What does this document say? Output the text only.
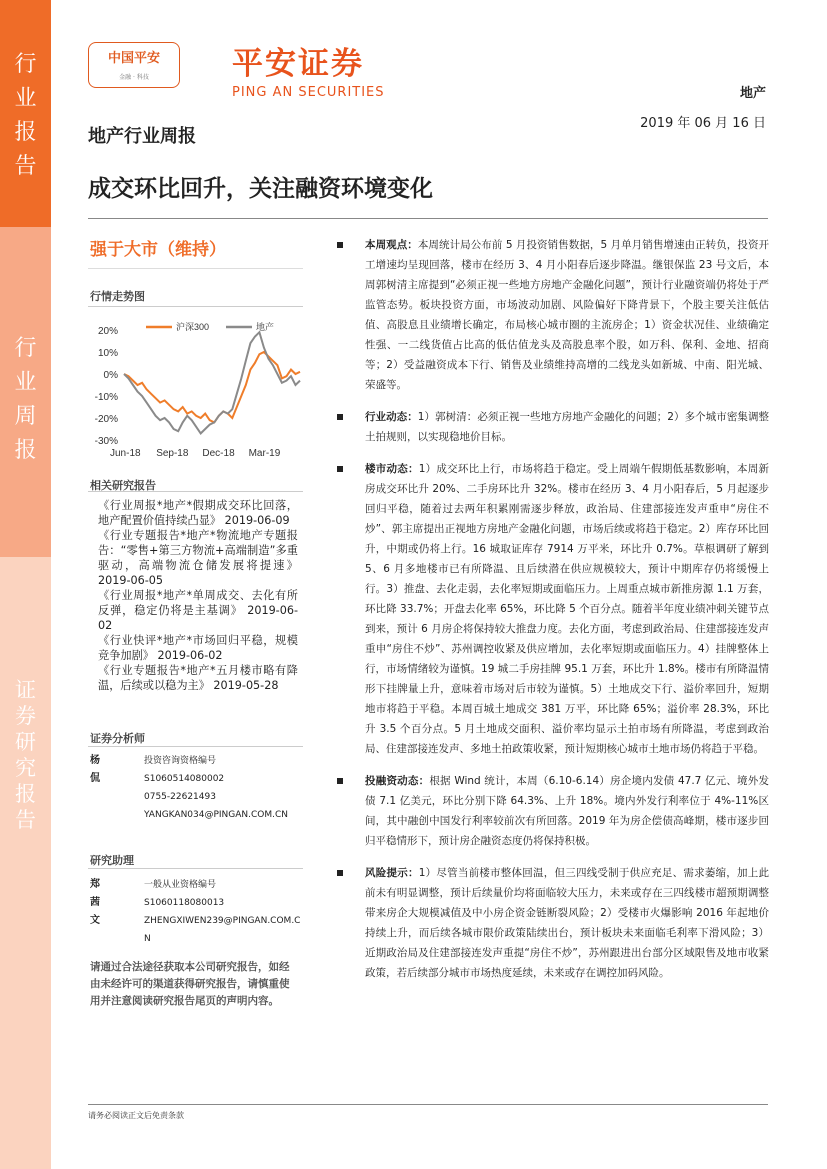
行
业
报
告
行
业
周
报
证
券
研
究
报
告
中国平安
金融 · 科技	平安证券
PING AN SECURITIES	地产
2019 年 06 月 16 日
地产行业周报
成交环比回升，关注融资环境变化
强于大市（维持）
行情走势图
沪深300	地产
20%
10%
0%
-10%
-20%
-30%
Jun-18 Sep-18 Dec-18 Mar-19
相关研究报告
《行业周报*地产*假期成交环比回落，地产配置价值持续凸显》 2019-06-09
《行业专题报告*地产*物流地产专题报告：“零售+第三方物流+高端制造”多重驱动，高端物流仓储发展将提速》 2019-06-05
《行业周报*地产*单周成交、去化有所反弹，稳定仍将是主基调》 2019-06-02
《行业快评*地产*市场回归平稳，规模竞争加剧》 2019-06-02
《行业专题报告*地产*五月楼市略有降温，后续或以稳为主》 2019-05-28
证券分析师
杨侃
投资咨询资格编号
S1060514080002
0755-22621493
YANGKAN034@PINGAN.COM.CN
研究助理
郑茜文
一般从业资格编号
S1060118080013
ZHENGXIWEN239@PINGAN.COM.CN
请通过合法途径获取本公司研究报告，如经由未经许可的渠道获得研究报告，请慎重使用并注意阅读研究报告尾页的声明内容。
本周观点：本周统计局公布前 5 月投资销售数据，5 月单月销售增速由正转负，投资开工增速均呈现回落，楼市在经历 3、4 月小阳春后逐步降温。继银保监 23 号文后，本周郭树清主席提到“必须正视一些地方房地产金融化问题”，预计行业融资端仍将处于严监管态势。板块投资方面，市场波动加剧、风险偏好下降背景下，个股主要关注低估值、高股息且业绩增长确定，布局核心城市圈的主流房企；1）资金状况佳、业绩确定性强、一二线货值占比高的低估值龙头及高股息率个股，如万科、保利、金地、招商等；2）受益融资成本下行、销售及业绩维持高增的二线龙头如新城、中南、阳光城、荣盛等。
行业动态：1）郭树清：必须正视一些地方房地产金融化的问题；2）多个城市密集调整土拍规则，以实现稳地价目标。
楼市动态：1）成交环比上行，市场将趋于稳定。受上周端午假期低基数影响，本周新房成交环比升 20%、二手房环比升 32%。楼市在经历 3、4 月小阳春后，5 月起逐步回归平稳，随着过去两年积累刚需逐步释放，政治局、住建部接连发声重申“房住不炒”、郭主席提出正视地方房地产金融化问题，市场后续或将趋于稳定。2）库存环比回升，中期或仍将上行。16 城取证库存 7914 万平米，环比升 0.7%。草根调研了解到 5、6 月多地楼市已有所降温、且后续潜在供应规模较大，预计中期库存仍将缓慢上行。3）推盘、去化走弱，去化率短期或面临压力。上周重点城市新推房源 1.1 万套，环比降 33.7%；开盘去化率 65%，环比降 5 个百分点。随着半年度业绩冲刺关键节点到来，预计 6 月房企将保持较大推盘力度。去化方面，考虑到政治局、住建部接连发声重申“房住不炒”、苏州调控收紧及供应增加，去化率短期或面临压力。4）挂牌整体上行，市场情绪较为谨慎。19 城二手房挂牌 95.1 万套，环比升 1.8%。楼市有所降温情形下挂牌量上升，意味着市场对后市较为谨慎。5）土地成交下行、溢价率回升，短期地市将趋于平稳。本周百城土地成交 381 万平，环比降 65%；溢价率 28.3%，环比升 3.5 个百分点。5 月土地成交面积、溢价率均显示土拍市场有所降温，考虑到政治局、住建部接连发声、多地土拍政策收紧，预计短期核心城市土地市场仍将趋于平稳。
投融资动态：根据 Wind 统计，本周（6.10-6.14）房企境内发债 47.7 亿元、境外发债 7.1 亿美元，环比分别下降 64.3%、上升 18%。境内外发行利率位于 4%-11%区间，其中融创中国发行利率较前次有所回落。2019 年为房企偿债高峰期，楼市逐步回归平稳情形下，预计房企融资态度仍将保持积极。
风险提示：1）尽管当前楼市整体回温，但三四线受制于供应充足、需求萎缩，加上此前未有明显调整，预计后续量价均将面临较大压力，未来或存在三四线楼市超预期调整带来房企大规模减值及中小房企资金链断裂风险；2）受楼市火爆影响 2016 年起地价持续上升，而后续各城市限价政策陆续出台，预计板块未来面临毛利率下滑风险；3）近期政治局及住建部接连发声重提“房住不炒”，苏州跟进出台部分区域限售及地市收紧政策，若后续部分城市市场热度延续，未来或存在调控加码风险。
请务必阅读正文后免责条款
